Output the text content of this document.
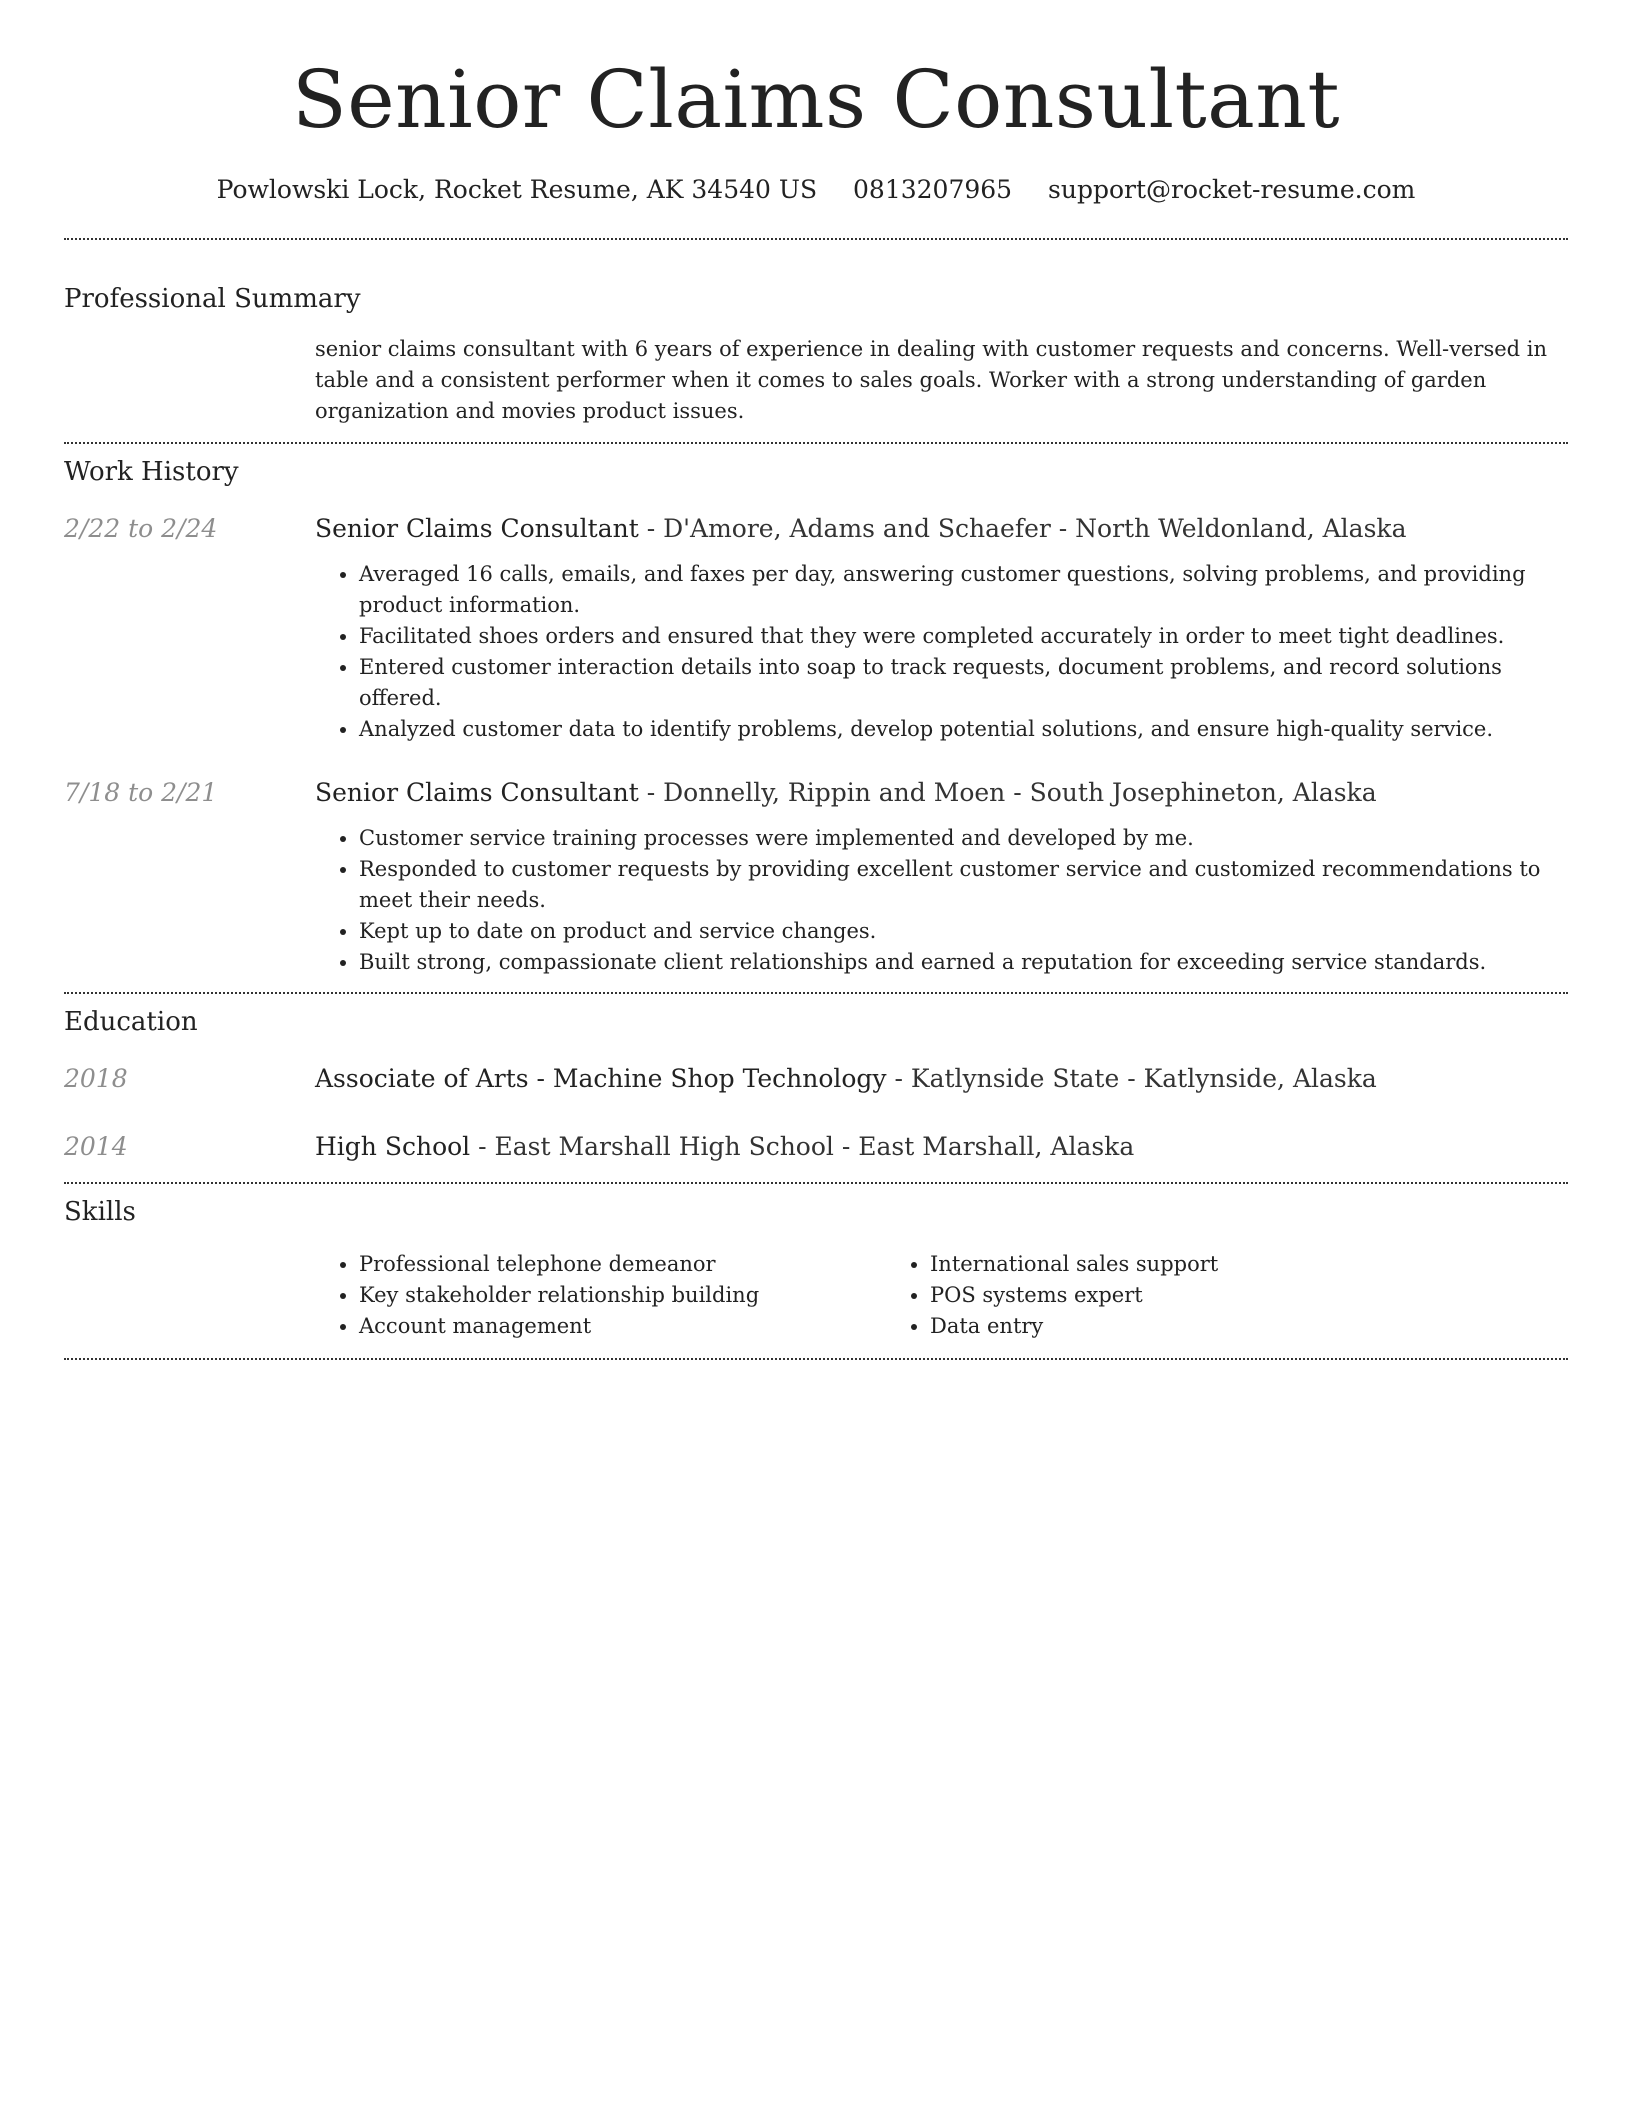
Senior Claims Consultant
Powlowski Lock, Rocket Resume, AK 34540 US 0813207965 support@rocket-resume.com
Professional Summary

senior claims consultant with 6 years of experience in dealing with customer requests and concerns. Well-versed in table and a consistent performer when it comes to sales goals. Worker with a strong understanding of garden organization and movies product issues.

Work History
2/22 to 2/24	Senior Claims Consultant - D'Amore, Adams and Schaefer - North Weldonland, Alaska

• Averaged 16 calls, emails, and faxes per day, answering customer questions, solving problems, and providing product information.
• Facilitated shoes orders and ensured that they were completed accurately in order to meet tight deadlines.
• Entered customer interaction details into soap to track requests, document problems, and record solutions offered.
• Analyzed customer data to identify problems, develop potential solutions, and ensure high-quality service.
7/18 to 2/21	Senior Claims Consultant - Donnelly, Rippin and Moen - South Josephineton, Alaska

• Customer service training processes were implemented and developed by me.
• Responded to customer requests by providing excellent customer service and customized recommendations to meet their needs.
• Kept up to date on product and service changes.
• Built strong, compassionate client relationships and earned a reputation for exceeding service standards.
Education
2018	Associate of Arts - Machine Shop Technology - Katlynside State - Katlynside, Alaska

2014	High School - East Marshall High School - East Marshall, Alaska

Skills
• Professional telephone demeanor
• Key stakeholder relationship building
• Account management
• International sales support
• POS systems expert
• Data entry
